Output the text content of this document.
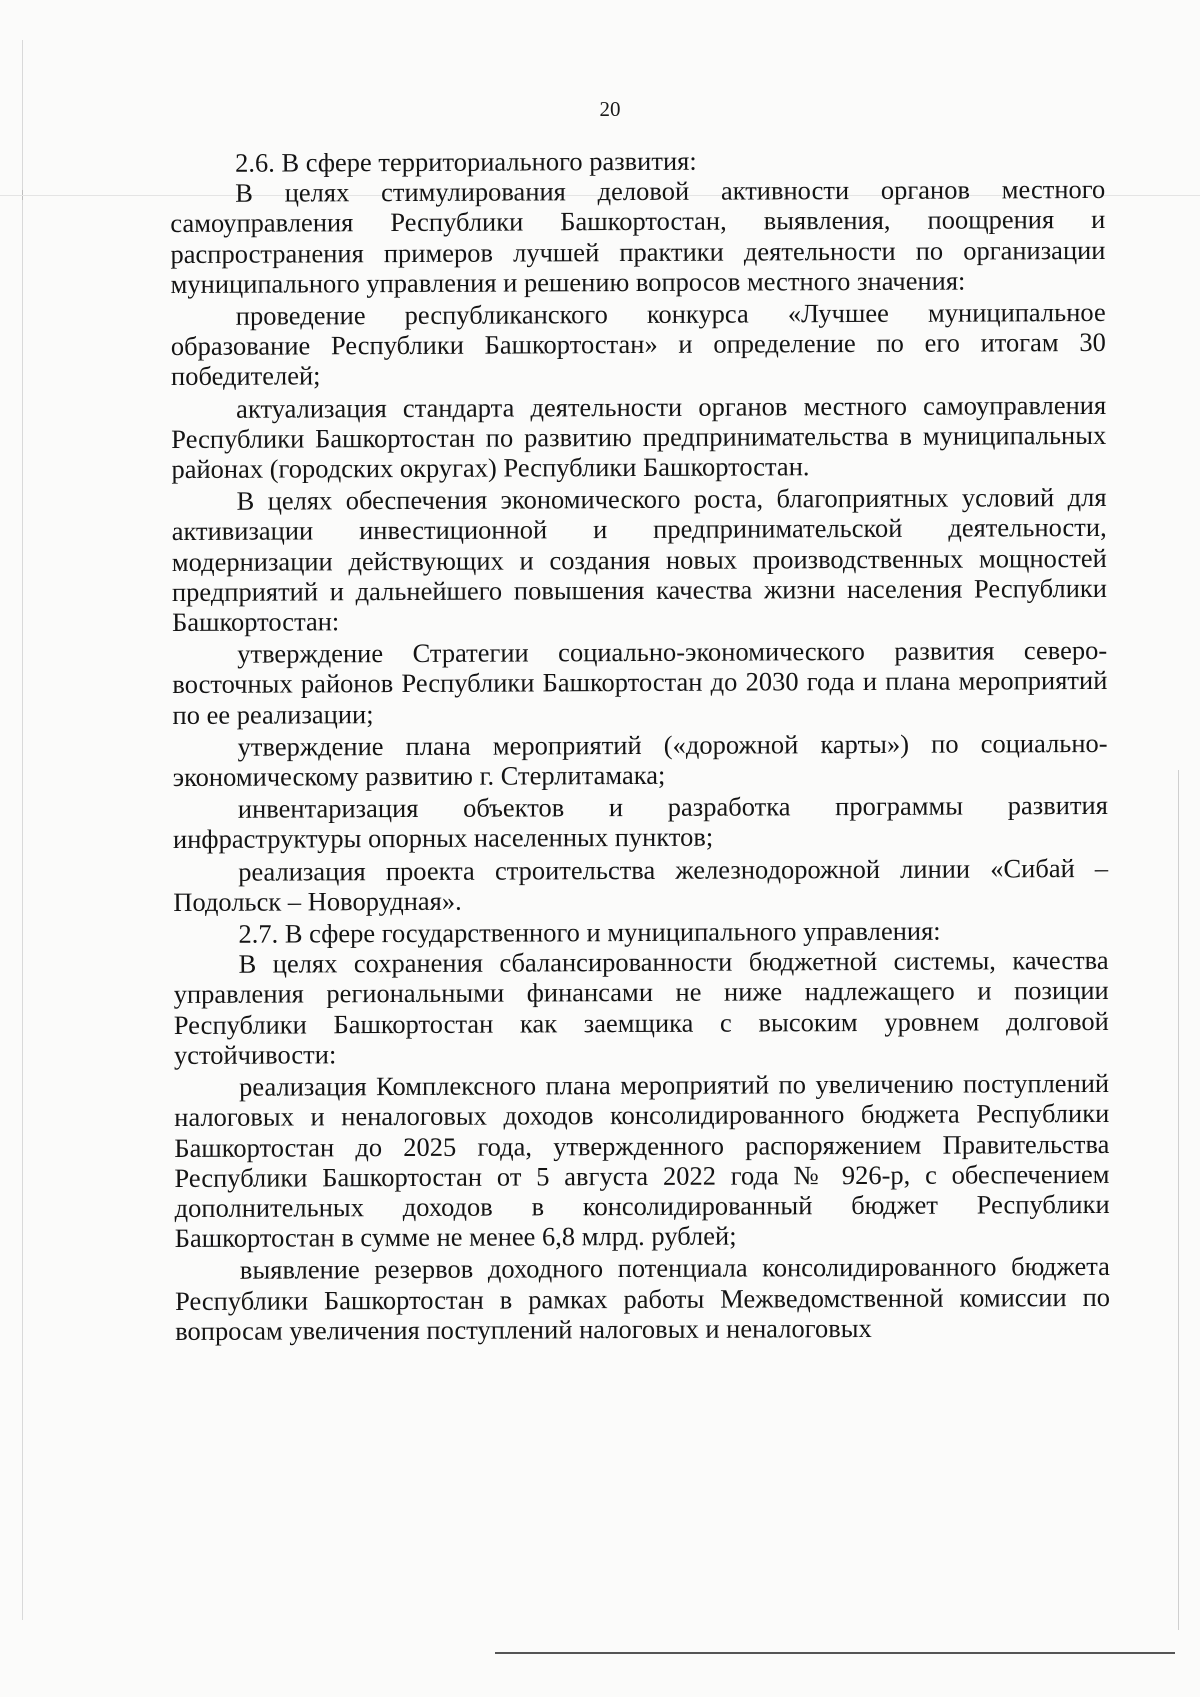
20

2.6. В сфере территориального развития:

В целях стимулирования деловой активности органов местного самоуправления Республики Башкортостан, выявления, поощрения и распространения примеров лучшей практики деятельности по организации муниципального управления и решению вопросов местного значения:

проведение республиканского конкурса «Лучшее муниципальное образование Республики Башкортостан» и определение по его итогам 30 победителей;

актуализация стандарта деятельности органов местного самоуправления Республики Башкортостан по развитию предпринимательства в муниципальных районах (городских округах) Республики Башкортостан.

В целях обеспечения экономического роста, благоприятных условий для активизации инвестиционной и предпринимательской деятельности, модернизации действующих и создания новых производственных мощностей предприятий и дальнейшего повышения качества жизни населения Республики Башкортостан:

утверждение Стратегии социально-экономического развития северо-восточных районов Республики Башкортостан до 2030 года и плана мероприятий по ее реализации;

утверждение плана мероприятий («дорожной карты») по социально-экономическому развитию г. Стерлитамака;

инвентаризация объектов и разработка программы развития инфраструктуры опорных населенных пунктов;

реализация проекта строительства железнодорожной линии «Сибай – Подольск – Новорудная».

2.7. В сфере государственного и муниципального управления:

В целях сохранения сбалансированности бюджетной системы, качества управления региональными финансами не ниже надлежащего и позиции Республики Башкортостан как заемщика с высоким уровнем долговой устойчивости:

реализация Комплексного плана мероприятий по увеличению поступлений налоговых и неналоговых доходов консолидированного бюджета Республики Башкортостан до 2025 года, утвержденного распоряжением Правительства Республики Башкортостан от 5 августа 2022 года № 926-р, с обеспечением дополнительных доходов в консолидированный бюджет Республики Башкортостан в сумме не менее 6,8 млрд. рублей;

выявление резервов доходного потенциала консолидированного бюджета Республики Башкортостан в рамках работы Межведомственной комиссии по вопросам увеличения поступлений налоговых и неналоговых
